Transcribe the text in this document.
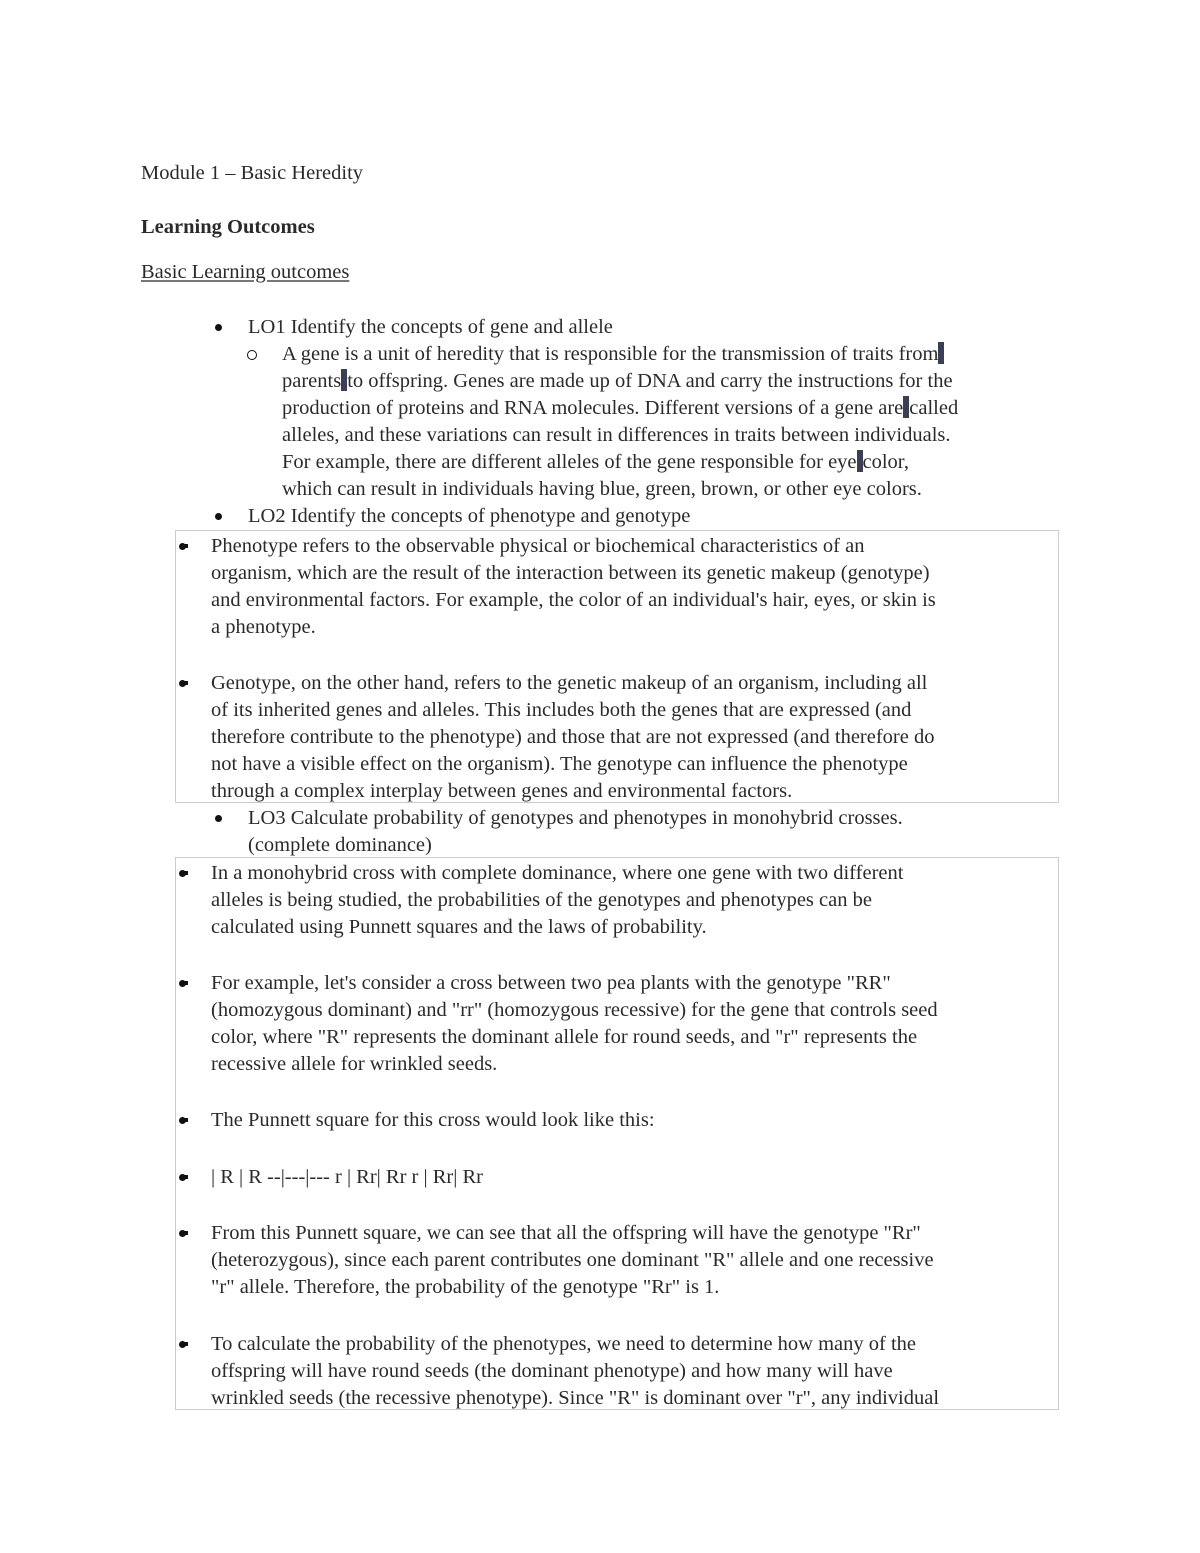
Module 1 – Basic Heredity
Learning Outcomes
Basic Learning outcomes
LO1 Identify the concepts of gene and allele
A gene is a unit of heredity that is responsible for the transmission of traits from
parents to offspring. Genes are made up of DNA and carry the instructions for the
production of proteins and RNA molecules. Different versions of a gene are called
alleles, and these variations can result in differences in traits between individuals.
For example, there are different alleles of the gene responsible for eye color,
which can result in individuals having blue, green, brown, or other eye colors.
LO2 Identify the concepts of phenotype and genotype
Phenotype refers to the observable physical or biochemical characteristics of an
organism, which are the result of the interaction between its genetic makeup (genotype)
and environmental factors. For example, the color of an individual's hair, eyes, or skin is
a phenotype.
Genotype, on the other hand, refers to the genetic makeup of an organism, including all
of its inherited genes and alleles. This includes both the genes that are expressed (and
therefore contribute to the phenotype) and those that are not expressed (and therefore do
not have a visible effect on the organism). The genotype can influence the phenotype
through a complex interplay between genes and environmental factors.
LO3 Calculate probability of genotypes and phenotypes in monohybrid crosses.
(complete dominance)
In a monohybrid cross with complete dominance, where one gene with two different
alleles is being studied, the probabilities of the genotypes and phenotypes can be
calculated using Punnett squares and the laws of probability.
For example, let's consider a cross between two pea plants with the genotype "RR"
(homozygous dominant) and "rr" (homozygous recessive) for the gene that controls seed
color, where "R" represents the dominant allele for round seeds, and "r" represents the
recessive allele for wrinkled seeds.
The Punnett square for this cross would look like this:
| R | R --|---|--- r | Rr| Rr r | Rr| Rr
From this Punnett square, we can see that all the offspring will have the genotype "Rr"
(heterozygous), since each parent contributes one dominant "R" allele and one recessive
"r" allele. Therefore, the probability of the genotype "Rr" is 1.
To calculate the probability of the phenotypes, we need to determine how many of the
offspring will have round seeds (the dominant phenotype) and how many will have
wrinkled seeds (the recessive phenotype). Since "R" is dominant over "r", any individual
